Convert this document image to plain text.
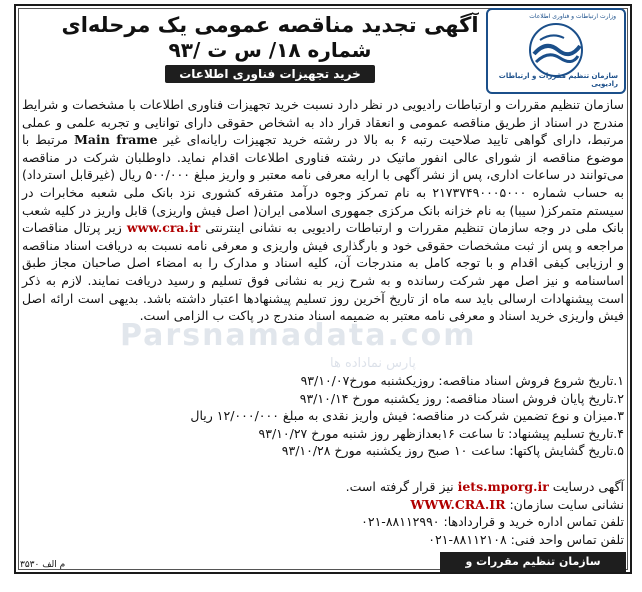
آگهی تجدید مناقصه عمومی یک مرحله‌ای
شماره ۱۸/ س ت /۹۳
خرید تجهیزات فناوری اطلاعات
وزارت ارتباطات و فناوری اطلاعات
سازمان تنظیم مقررات و ارتباطات رادیویی

سازمان تنظیم مقررات و ارتباطات رادیویی در نظر دارد نسبت خرید تجهیزات فناوری اطلاعات با مشخصات و شرایط مندرج در اسناد از طریق مناقصه عمومی و انعقاد قرار داد به اشخاص حقوقی دارای توانایی و تجربه علمی و عملی مرتبط، دارای گواهی تایید صلاحیت رتبه ۶ به بالا در رشته خرید تجهیزات رایانه‌ای غیر Main frame مرتبط با موضوع مناقصه از شورای عالی انفور ماتیک در رشته فناوری اطلاعات اقدام نماید. داوطلبان شرکت در مناقصه می‌توانند در ساعات اداری، پس از نشر آگهی با ارایه معرفی نامه معتبر و واریز مبلغ ۵۰۰/۰۰۰ ریال (غیرقابل استرداد) به حساب شماره ۲۱۷۳۷۴۹۰۰۰۵۰۰۰ به نام تمرکز وجوه درآمد متفرقه کشوری نزد بانک ملی شعبه مخابرات در سیستم متمرکز( سیبا) به نام خزانه بانک مرکزی جمهوری اسلامی ایران( اصل فیش واریزی) قابل واریز در کلیه شعب بانک ملی در وجه سازمان تنظیم مقررات و ارتباطات رادیویی به نشانی اینترنتی www.cra.ir زیر پرتال مناقصات مراجعه و پس از ثبت مشخصات حقوقی خود و بارگذاری فیش واریزی و معرفی نامه نسبت به دریافت اسناد مناقصه و ارزیابی کیفی اقدام و با توجه کامل به مندرجات آن، کلیه اسناد و مدارک را به امضاء اصل صاحبان مجاز طبق اساسنامه و نیز اصل مهر شرکت رسانده و به شرح زیر به نشانی فوق تسلیم و رسید دریافت نمایند. لازم به ذکر است پیشنهادات ارسالی باید سه ماه از تاریخ آخرین روز تسلیم پیشنهادها اعتبار داشته باشد. بدیهی است ارائه اصل فیش واریزی خرید اسناد و معرفی نامه معتبر به ضمیمه اسناد مندرج در پاکت ب الزامی است.

۱.تاریخ شروع فروش اسناد مناقصه: روزیکشنبه مورخ۹۳/۱۰/۰۷
۲.تاریخ پایان فروش اسناد مناقصه: روز یکشنبه مورخ ۹۳/۱۰/۱۴
۳.میزان و نوع تضمین شرکت در مناقصه: فیش واریز نقدی به مبلغ ۱۲/۰۰۰/۰۰۰ ریال
۴.تاریخ تسلیم پیشنهاد: تا ساعت ۱۶بعدازظهر روز شنبه مورخ ۹۳/۱۰/۲۷
۵.تاریخ گشایش پاکتها: ساعت ۱۰ صبح روز یکشنبه مورخ ۹۳/۱۰/۲۸
آگهی درسایت iets.mporg.ir نیز قرار گرفته است.
نشانی سایت سازمان: WWW.CRA.IR
تلفن تماس اداره خرید و قراردادها: ۸۸۱۱۲۹۹۰-۰۲۱
تلفن تماس واحد فنی: ۸۸۱۱۲۱۰۸-۰۲۱
Parsnamadata.com
پارس نماداده ها
سازمان تنظیم مقررات و ارتباطات رادیویی
م الف ۳۵۳۰
